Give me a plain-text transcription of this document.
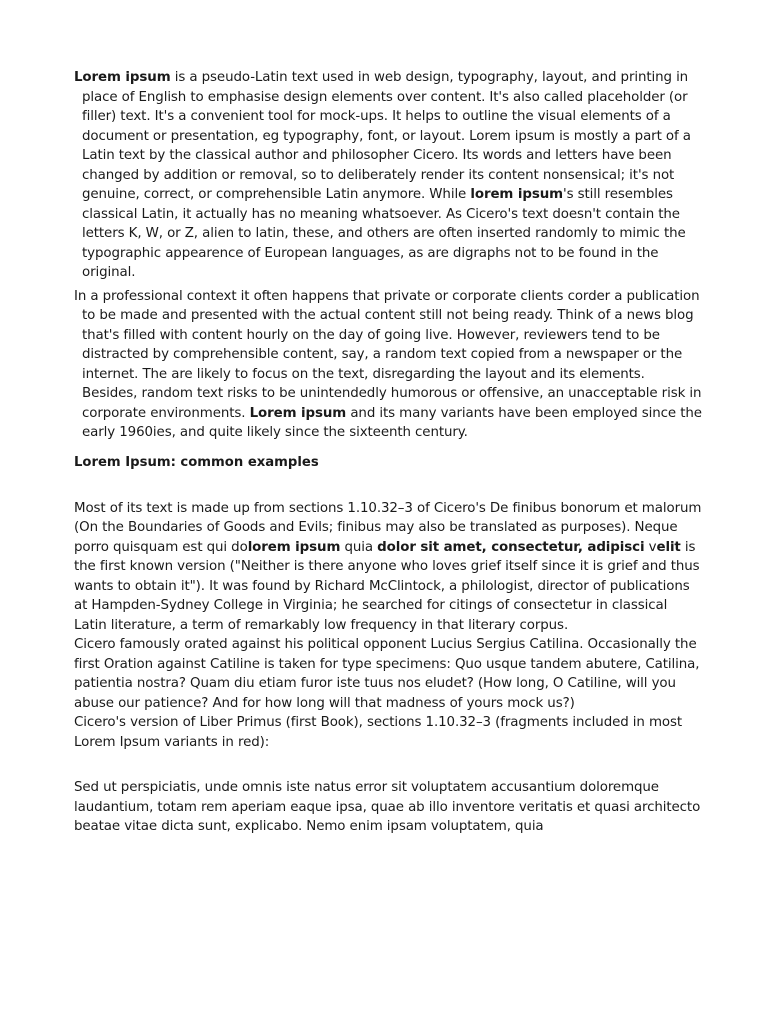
Lorem ipsum is a pseudo-Latin text used in web design, typography, layout, and printing in place of English to emphasise design elements over content. It's also called placeholder (or filler) text. It's a convenient tool for mock-ups. It helps to outline the visual elements of a document or presentation, eg typography, font, or layout. Lorem ipsum is mostly a part of a Latin text by the classical author and philosopher Cicero. Its words and letters have been changed by addition or removal, so to deliberately render its content nonsensical; it's not genuine, correct, or comprehensible Latin anymore. While lorem ipsum's still resembles classical Latin, it actually has no meaning whatsoever. As Cicero's text doesn't contain the letters K, W, or Z, alien to latin, these, and others are often inserted randomly to mimic the typographic appearence of European languages, as are digraphs not to be found in the original.

In a professional context it often happens that private or corporate clients corder a publication to be made and presented with the actual content still not being ready. Think of a news blog that's filled with content hourly on the day of going live. However, reviewers tend to be distracted by comprehensible content, say, a random text copied from a newspaper or the internet. The are likely to focus on the text, disregarding the layout and its elements. Besides, random text risks to be unintendedly humorous or offensive, an unacceptable risk in corporate environments. Lorem ipsum and its many variants have been employed since the early 1960ies, and quite likely since the sixteenth century.

Lorem Ipsum: common examples

Most of its text is made up from sections 1.10.32–3 of Cicero's De finibus bonorum et malorum (On the Boundaries of Goods and Evils; finibus may also be translated as purposes). Neque porro quisquam est qui dolorem ipsum quia dolor sit amet, consectetur, adipisci velit is the first known version ("Neither is there anyone who loves grief itself since it is grief and thus wants to obtain it"). It was found by Richard McClintock, a philologist, director of publications at Hampden-Sydney College in Virginia; he searched for citings of consectetur in classical Latin literature, a term of remarkably low frequency in that literary corpus.

Cicero famously orated against his political opponent Lucius Sergius Catilina. Occasionally the first Oration against Catiline is taken for type specimens: Quo usque tandem abutere, Catilina, patientia nostra? Quam diu etiam furor iste tuus nos eludet? (How long, O Catiline, will you abuse our patience? And for how long will that madness of yours mock us?)

Cicero's version of Liber Primus (first Book), sections 1.10.32–3 (fragments included in most Lorem Ipsum variants in red):

Sed ut perspiciatis, unde omnis iste natus error sit voluptatem accusantium doloremque laudantium, totam rem aperiam eaque ipsa, quae ab illo inventore veritatis et quasi architecto beatae vitae dicta sunt, explicabo. Nemo enim ipsam voluptatem, quia
